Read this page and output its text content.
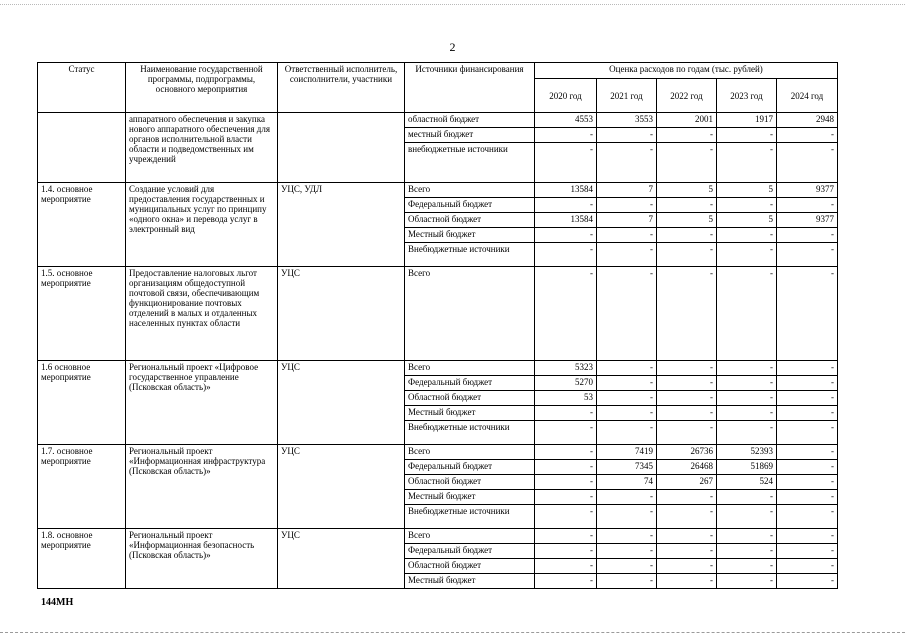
2
Статус	Наименование государственной программы, подпрограммы, основного мероприятия	Ответственный исполнитель, соисполнители, участники	Источники финансирования	Оценка расходов по годам (тыс. рублей)				
				2020 год	2021 год	2022 год	2023 год	2024 год
	аппаратного обеспечения и закупка нового аппаратного обеспечения для органов исполнительной власти области и подведомственных им учреждений		областной бюджет	4553	3553	2001	1917	2948
			местный бюджет	-	-	-	-	-
			внебюджетные источники	-	-	-	-	-
1.4. основное мероприятие	Создание условий для предоставления государственных и муниципальных услуг по принципу «одного окна» и перевода услуг в электронный вид	УЦС, УДЛ	Всего	13584	7	5	5	9377
			Федеральный бюджет	-	-	-	-	-
			Областной бюджет	13584	7	5	5	9377
			Местный бюджет	-	-	-	-	-
			Внебюджетные источники	-	-	-	-	-
1.5. основное мероприятие	Предоставление налоговых льгот организациям общедоступной почтовой связи, обеспечивающим функционирование почтовых отделений в малых и отдаленных населенных пунктах области	УЦС	Всего	-	-	-	-	-
1.6 основное мероприятие	Региональный проект «Цифровое государственное управление (Псковская область)»	УЦС	Всего	5323	-	-	-	-
			Федеральный бюджет	5270	-	-	-	-
			Областной бюджет	53	-	-	-	-
			Местный бюджет	-	-	-	-	-
			Внебюджетные источники	-	-	-	-	-
1.7. основное мероприятие	Региональный проект «Информационная инфраструктура (Псковская область)»	УЦС	Всего	-	7419	26736	52393	-
			Федеральный бюджет	-	7345	26468	51869	-
			Областной бюджет	-	74	267	524	-
			Местный бюджет	-	-	-	-	-
			Внебюджетные источники	-	-	-	-	-
1.8. основное мероприятие	Региональный проект «Информационная безопасность (Псковская область)»	УЦС	Всего	-	-	-	-	-
			Федеральный бюджет	-	-	-	-	-
			Областной бюджет	-	-	-	-	-
			Местный бюджет	-	-	-	-	-
144МН
